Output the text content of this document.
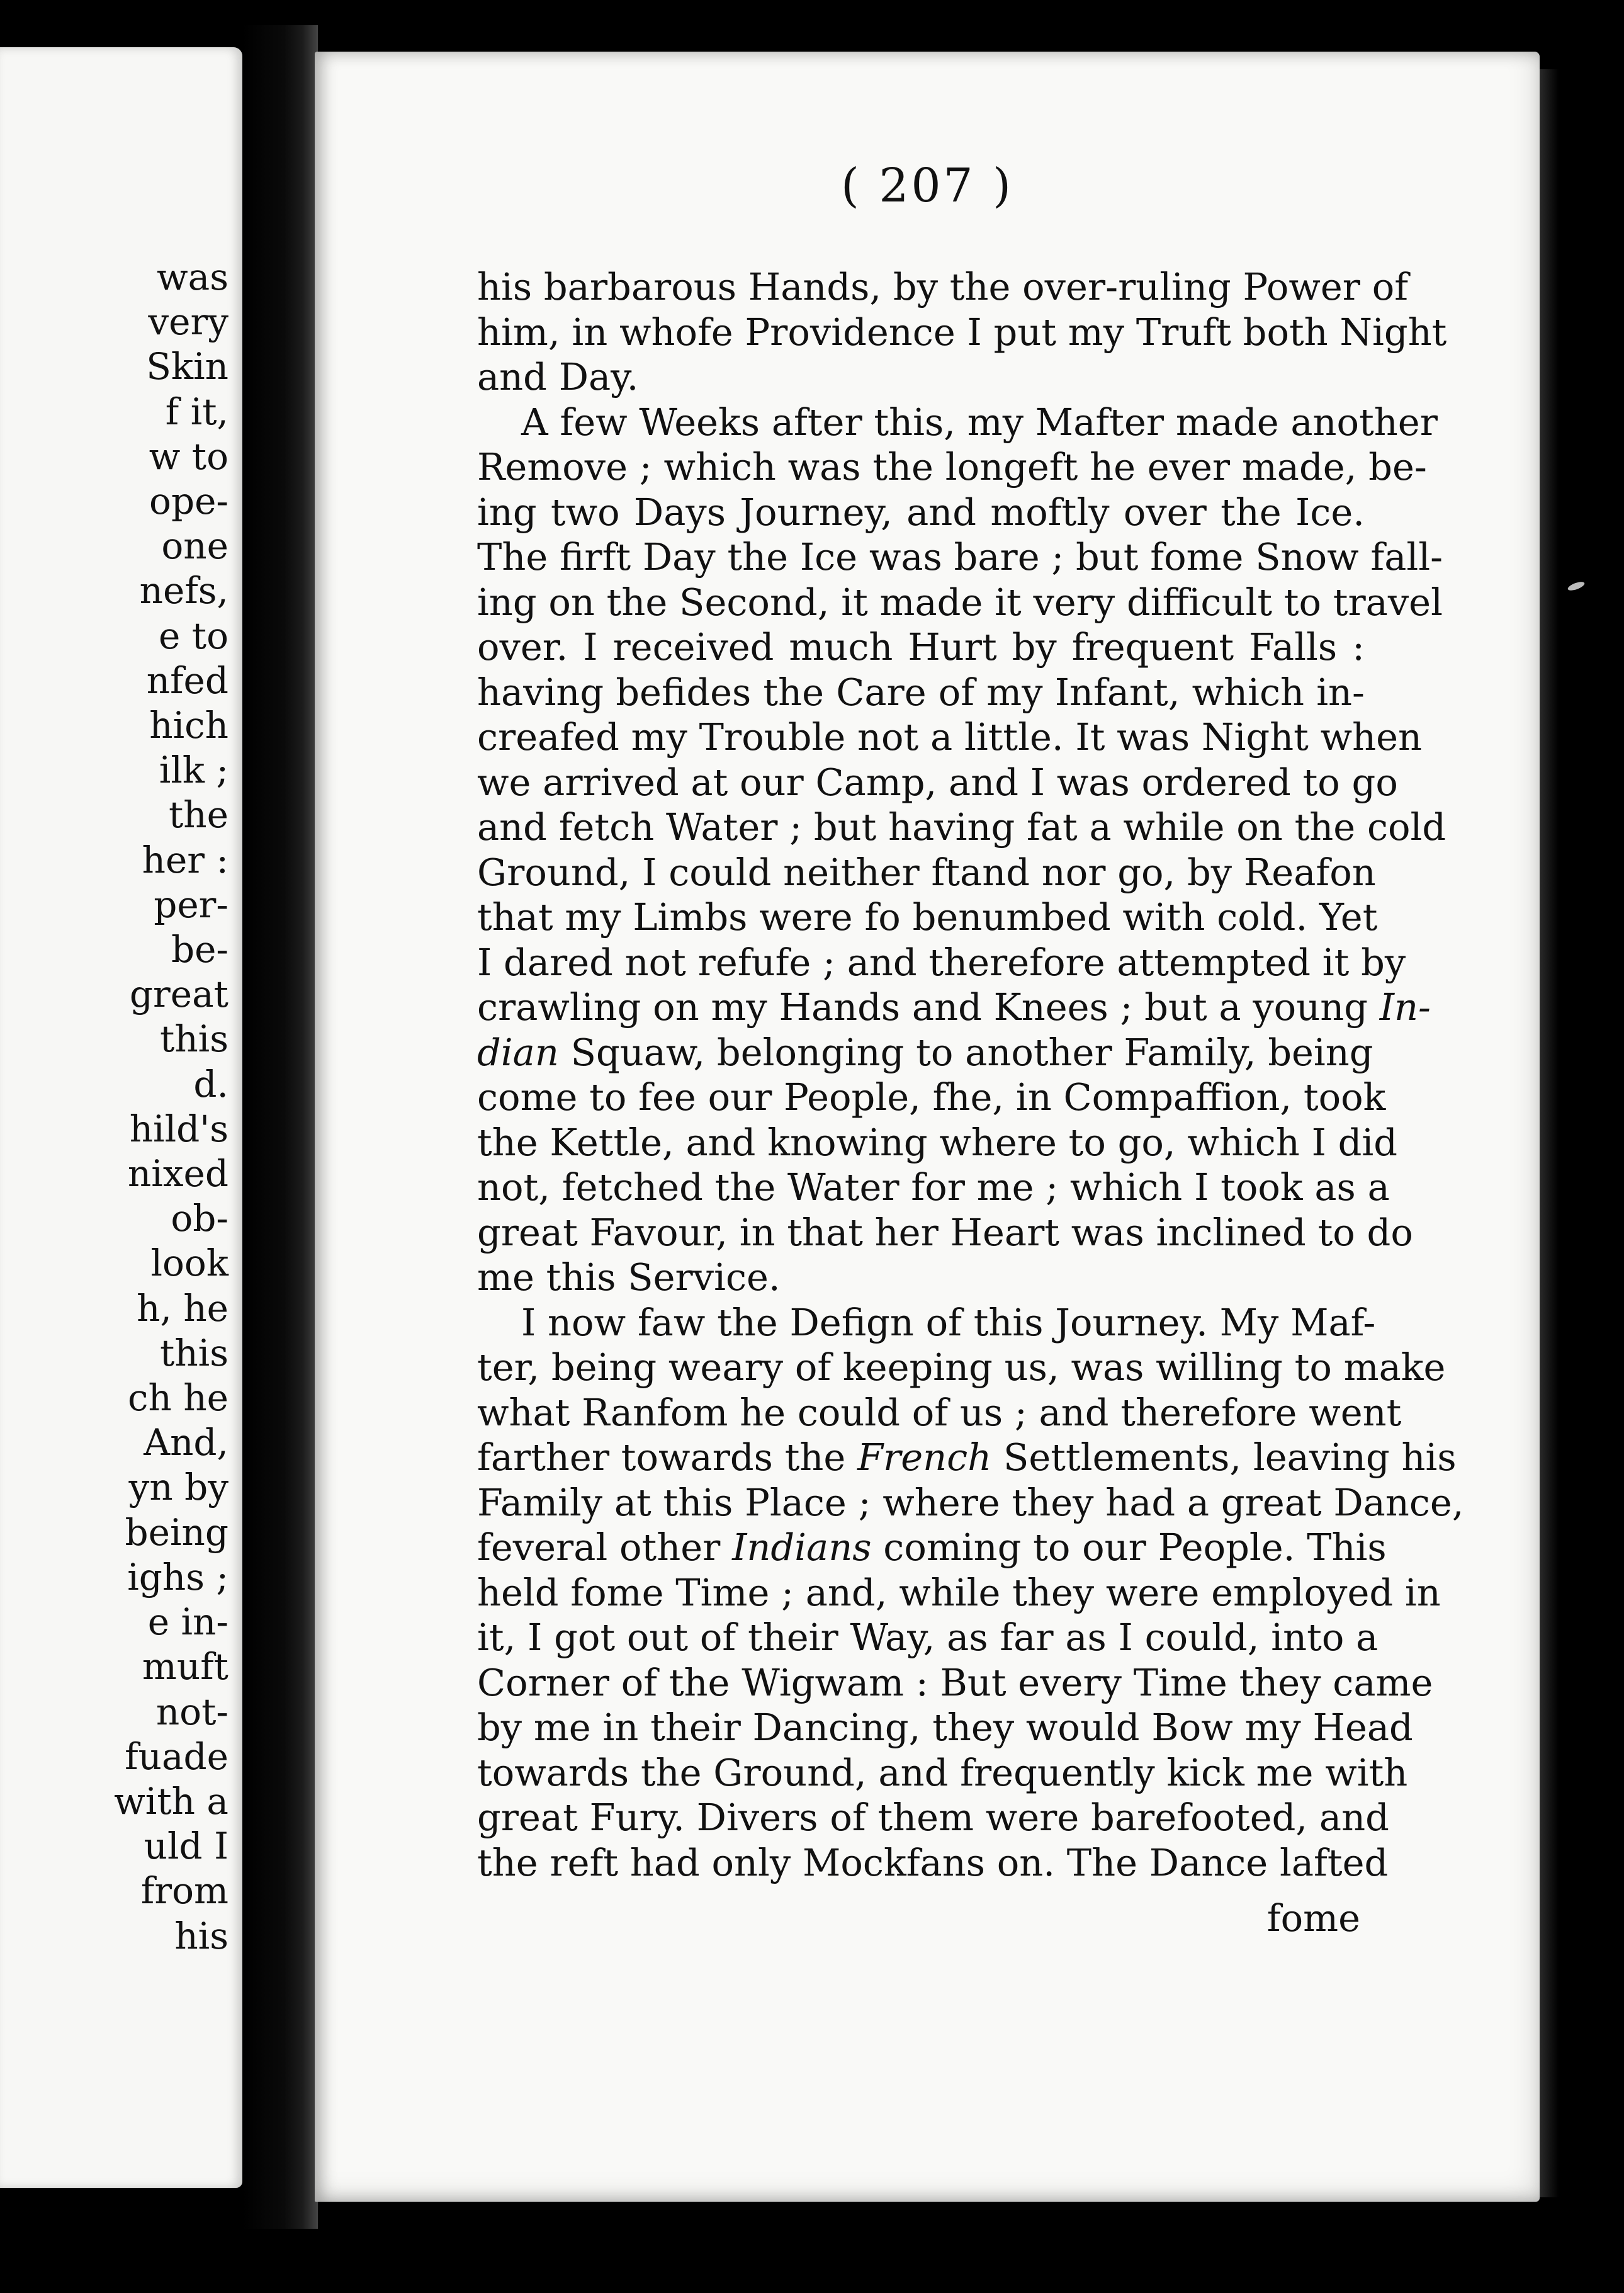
was
very
Skin
f it,
w to
ope-
one
nefs,
e to
nfed
hich
ilk ;
the
her :
per-
be-
great
this
d.
hild's
nixed
ob-
look
h, he
this
ch he
And,
yn by
being
ighs ;
e in-
muft
not-
fuade
with a
uld I
from
his
( 207 )
his barbarous Hands, by the over-ruling Power of
him, in whofe Providence I put my Truft both Night
and Day.
A few Weeks after this, my Mafter made another
Remove ; which was the longeft he ever made, be-
ing two Days Journey, and moftly over the Ice.
The firft Day the Ice was bare ; but fome Snow fall-
ing on the Second, it made it very difficult to travel
over. I received much Hurt by frequent Falls :
having befides the Care of my Infant, which in-
creafed my Trouble not a little. It was Night when
we arrived at our Camp, and I was ordered to go
and fetch Water ; but having fat a while on the cold
Ground, I could neither ftand nor go, by Reafon
that my Limbs were fo benumbed with cold. Yet
I dared not refufe ; and therefore attempted it by
crawling on my Hands and Knees ; but a young In-
dian Squaw, belonging to another Family, being
come to fee our People, fhe, in Compaffion, took
the Kettle, and knowing where to go, which I did
not, fetched the Water for me ; which I took as a
great Favour, in that her Heart was inclined to do
me this Service.
I now faw the Defign of this Journey. My Maf-
ter, being weary of keeping us, was willing to make
what Ranfom he could of us ; and therefore went
farther towards the French Settlements, leaving his
Family at this Place ; where they had a great Dance,
feveral other Indians coming to our People. This
held fome Time ; and, while they were employed in
it, I got out of their Way, as far as I could, into a
Corner of the Wigwam : But every Time they came
by me in their Dancing, they would Bow my Head
towards the Ground, and frequently kick me with
great Fury. Divers of them were barefooted, and
the reft had only Mockfans on. The Dance lafted
fome
